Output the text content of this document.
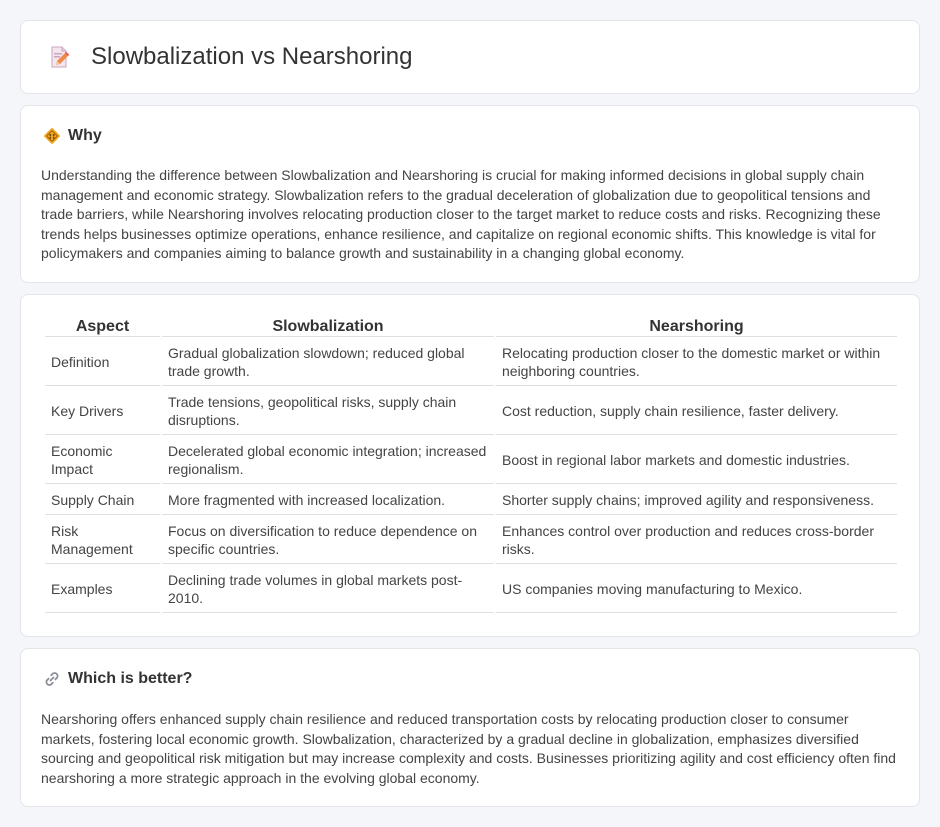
Slowbalization vs Nearshoring
Why

Understanding the difference between Slowbalization and Nearshoring is crucial for making informed decisions in global supply chain management and economic strategy. Slowbalization refers to the gradual deceleration of globalization due to geopolitical tensions and trade barriers, while Nearshoring involves relocating production closer to the target market to reduce costs and risks. Recognizing these trends helps businesses optimize operations, enhance resilience, and capitalize on regional economic shifts. This knowledge is vital for policymakers and companies aiming to balance growth and sustainability in a changing global economy.

Aspect	Slowbalization	Nearshoring
Definition	Gradual globalization slowdown; reduced global trade growth.	Relocating production closer to the domestic market or within neighboring countries.
Key Drivers	Trade tensions, geopolitical risks, supply chain disruptions.	Cost reduction, supply chain resilience, faster delivery.
Economic Impact	Decelerated global economic integration; increased regionalism.	Boost in regional labor markets and domestic industries.
Supply Chain	More fragmented with increased localization.	Shorter supply chains; improved agility and responsiveness.
Risk Management	Focus on diversification to reduce dependence on specific countries.	Enhances control over production and reduces cross-border risks.
Examples	Declining trade volumes in global markets post-2010.	US companies moving manufacturing to Mexico.
Which is better?

Nearshoring offers enhanced supply chain resilience and reduced transportation costs by relocating production closer to consumer markets, fostering local economic growth. Slowbalization, characterized by a gradual decline in globalization, emphasizes diversified sourcing and geopolitical risk mitigation but may increase complexity and costs. Businesses prioritizing agility and cost efficiency often find nearshoring a more strategic approach in the evolving global economy.
